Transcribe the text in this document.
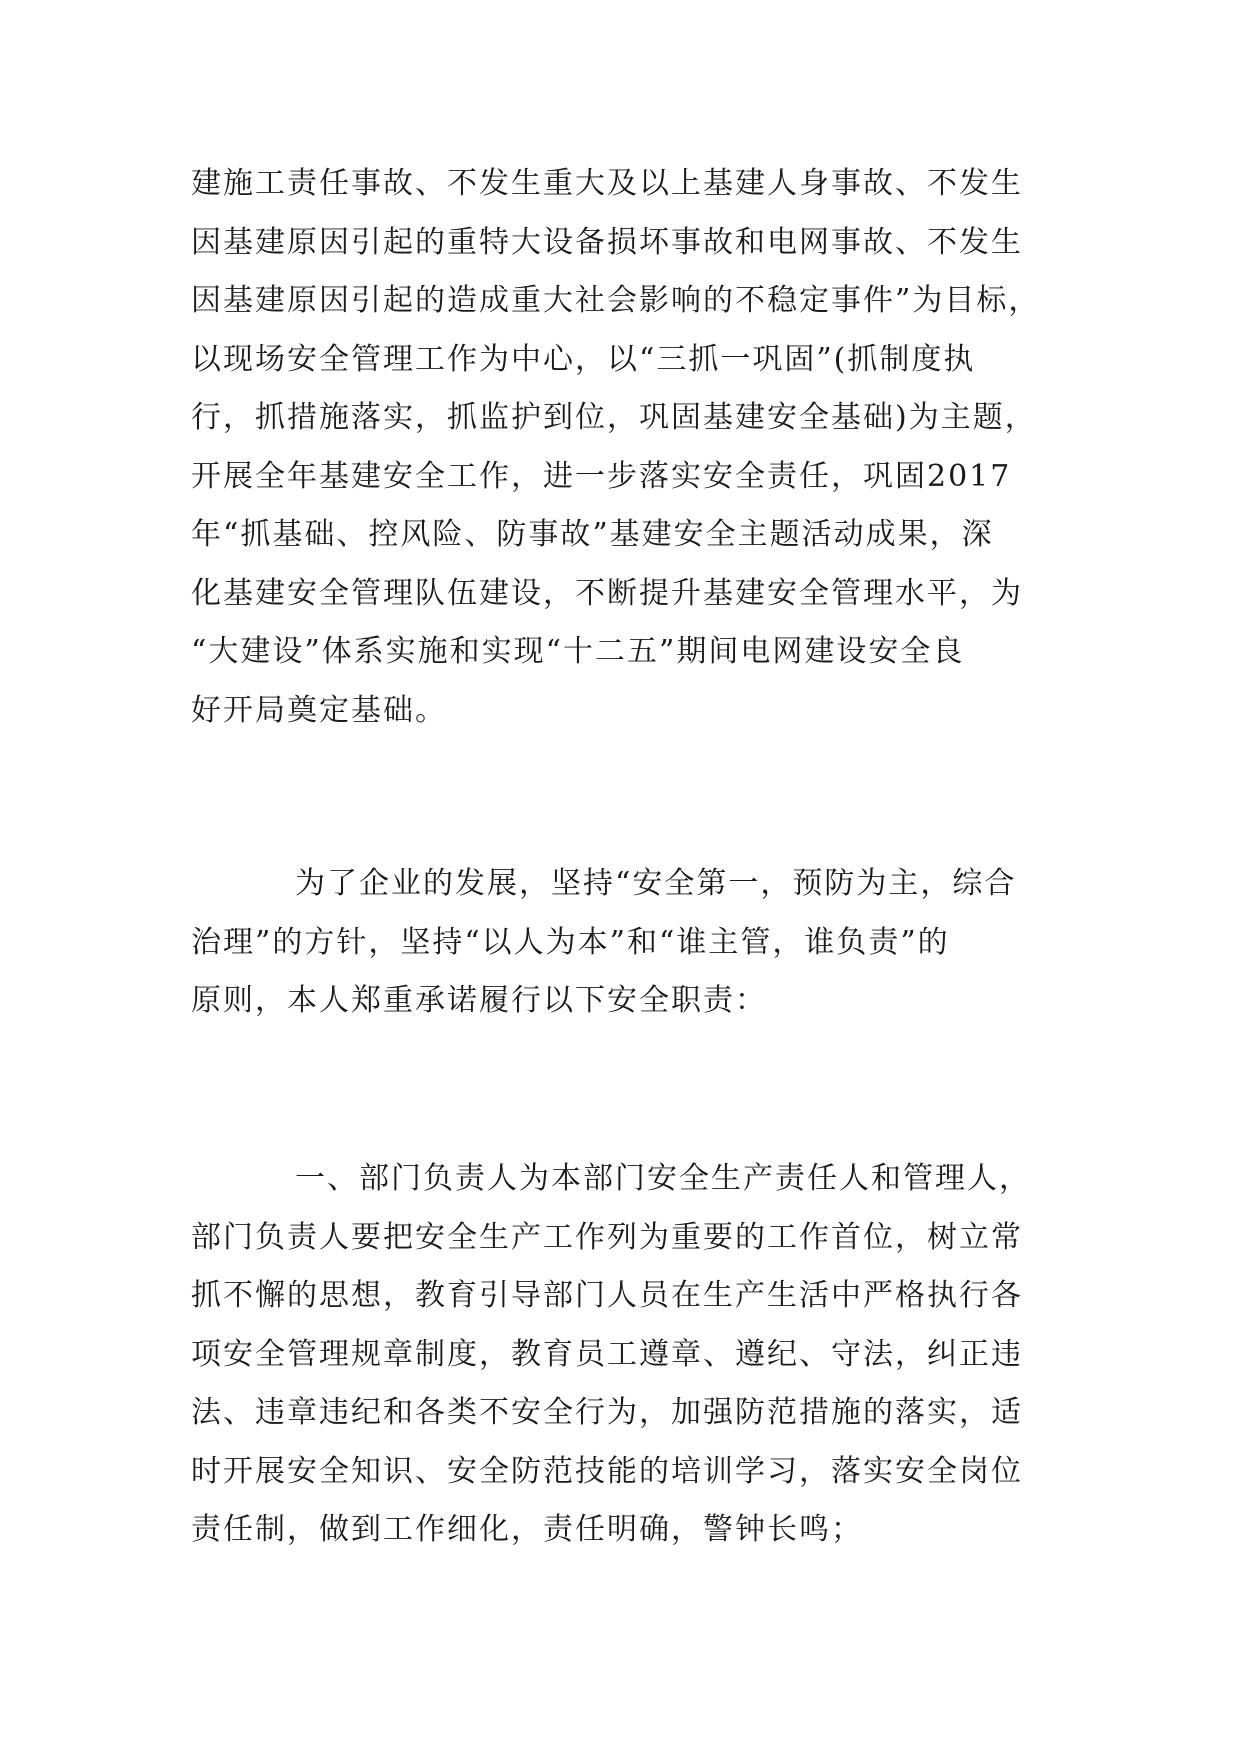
建施工责任事故、不发生重大及以上基建人身事故、不发生
因基建原因引起的重特大设备损坏事故和电网事故、不发生
因基建原因引起的造成重大社会影响的不稳定事件”为目标，
以现场安全管理工作为中心，以“三抓一巩固”(抓制度执
行，抓措施落实，抓监护到位，巩固基建安全基础)为主题，
开展全年基建安全工作，进一步落实安全责任，巩固2017
年“抓基础、控风险、防事故”基建安全主题活动成果，深
化基建安全管理队伍建设，不断提升基建安全管理水平，为
“大建设”体系实施和实现“十二五”期间电网建设安全良
好开局奠定基础。
为了企业的发展，坚持“安全第一，预防为主，综合
治理”的方针，坚持“以人为本”和“谁主管，谁负责”的
原则，本人郑重承诺履行以下安全职责：
一、部门负责人为本部门安全生产责任人和管理人，
部门负责人要把安全生产工作列为重要的工作首位，树立常
抓不懈的思想，教育引导部门人员在生产生活中严格执行各
项安全管理规章制度，教育员工遵章、遵纪、守法，纠正违
法、违章违纪和各类不安全行为，加强防范措施的落实，适
时开展安全知识、安全防范技能的培训学习，落实安全岗位
责任制，做到工作细化，责任明确，警钟长鸣；
